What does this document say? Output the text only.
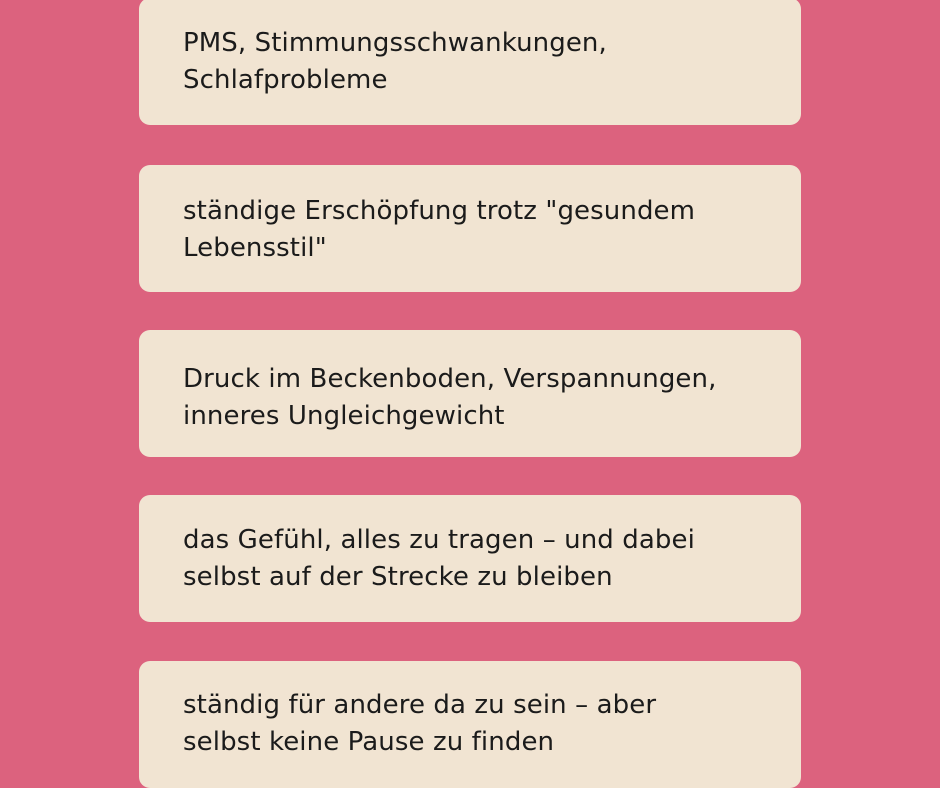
PMS, Stimmungsschwankungen,
Schlafprobleme
ständige Erschöpfung trotz "gesundem
Lebensstil"
Druck im Beckenboden, Verspannungen,
inneres Ungleichgewicht
das Gefühl, alles zu tragen – und dabei
selbst auf der Strecke zu bleiben
ständig für andere da zu sein – aber
selbst keine Pause zu finden
